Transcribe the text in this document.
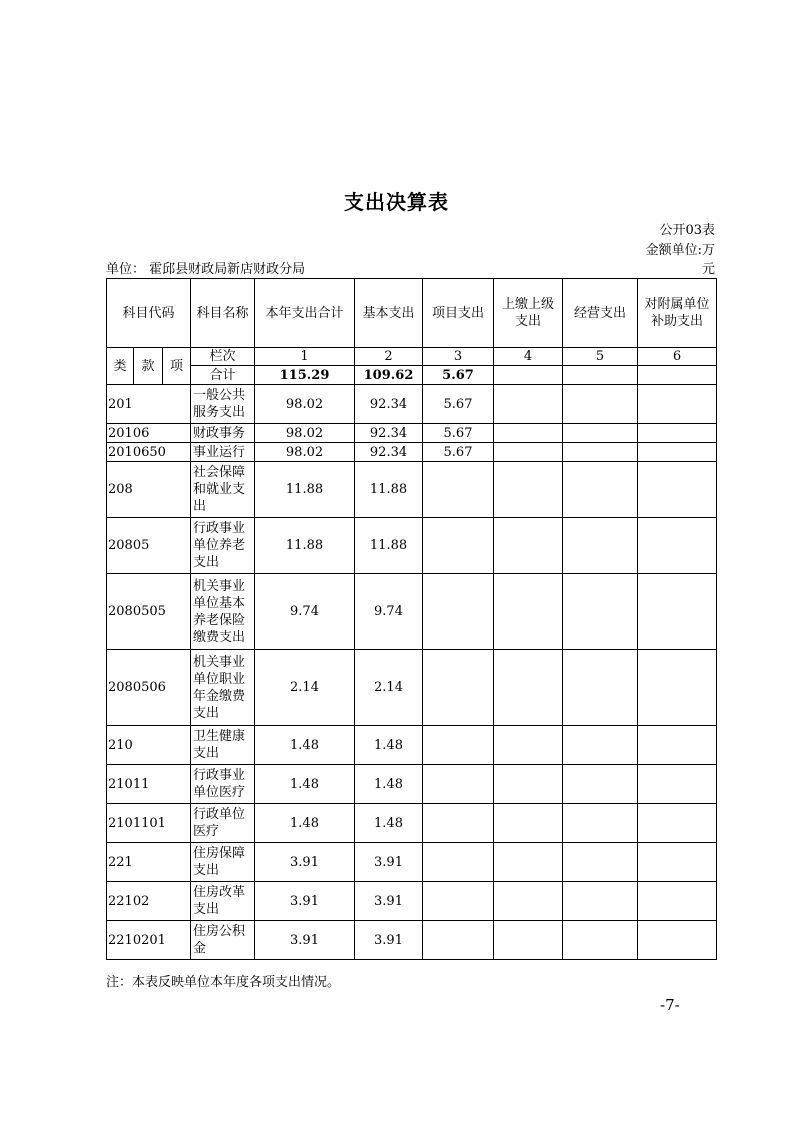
支出决算表
公开03表
金额单位:万
单位： 霍邱县财政局新店财政分局	元
科目代码			科目名称	本年支出合计	基本支出	项目支出	上缴上级支出	经营支出	对附属单位补助支出
类	款	项	栏次	1	2	3	4	5	6
			合计	115.29	109.62	5.67			
201			一般公共服务支出	98.02	92.34	5.67			
20106			财政事务	98.02	92.34	5.67			
2010650			事业运行	98.02	92.34	5.67			
208			社会保障和就业支出	11.88	11.88				
20805			行政事业单位养老支出	11.88	11.88				
2080505			机关事业单位基本养老保险缴费支出	9.74	9.74				
2080506			机关事业单位职业年金缴费支出	2.14	2.14				
210			卫生健康支出	1.48	1.48				
21011			行政事业单位医疗	1.48	1.48				
2101101			行政单位医疗	1.48	1.48				
221			住房保障支出	3.91	3.91				
22102			住房改革支出	3.91	3.91				
2210201			住房公积金	3.91	3.91				
注：本表反映单位本年度各项支出情况。
-7-
